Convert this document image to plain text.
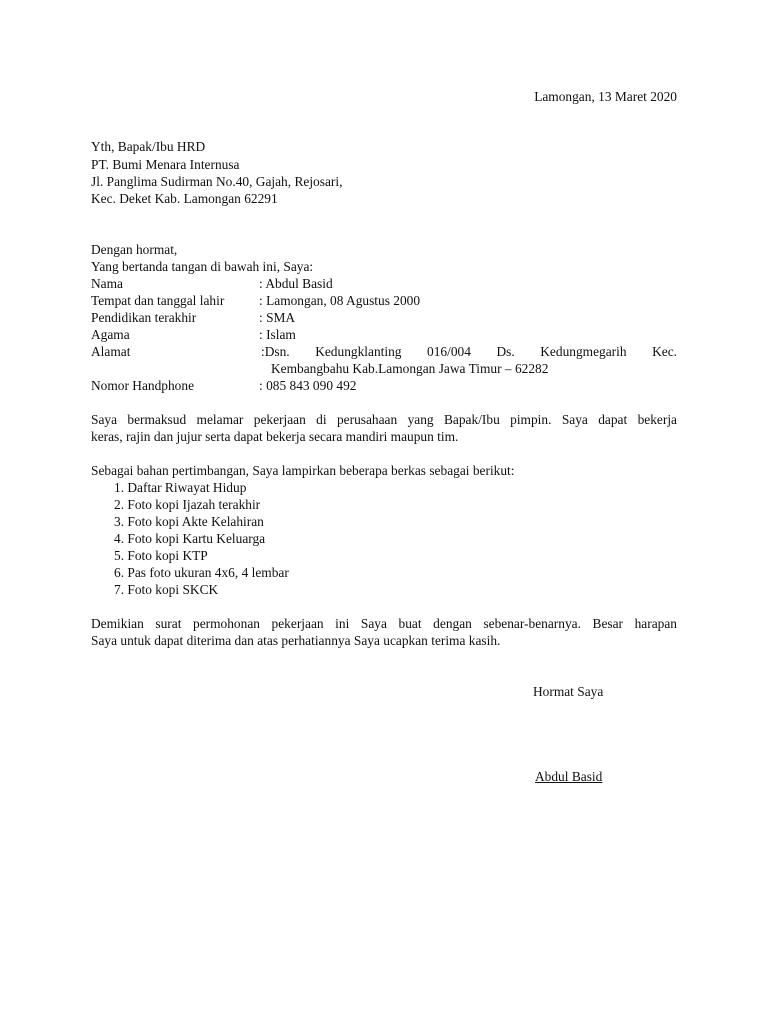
Lamongan, 13 Maret 2020
Yth, Bapak/Ibu HRD
PT. Bumi Menara Internusa
Jl. Panglima Sudirman No.40, Gajah, Rejosari,
Kec. Deket Kab. Lamongan 62291
Dengan hormat,
Yang bertanda tangan di bawah ini, Saya:
Nama	: Abdul Basid
Tempat dan tanggal lahir	: Lamongan, 08 Agustus 2000
Pendidikan terakhir	: SMA
Agama	: Islam
Alamat	:Dsn. Kedungklanting 016/004 Ds. Kedungmegarih Kec.
Kembangbahu Kab.Lamongan Jawa Timur – 62282
Nomor Handphone	: 085 843 090 492
Saya bermaksud melamar pekerjaan di perusahaan yang Bapak/Ibu pimpin. Saya dapat bekerja
keras, rajin dan jujur serta dapat bekerja secara mandiri maupun tim.
Sebagai bahan pertimbangan, Saya lampirkan beberapa berkas sebagai berikut:
1. Daftar Riwayat Hidup
2. Foto kopi Ijazah terakhir
3. Foto kopi Akte Kelahiran
4. Foto kopi Kartu Keluarga
5. Foto kopi KTP
6. Pas foto ukuran 4x6, 4 lembar
7. Foto kopi SKCK
Demikian surat permohonan pekerjaan ini Saya buat dengan sebenar-benarnya. Besar harapan
Saya untuk dapat diterima dan atas perhatiannya Saya ucapkan terima kasih.
Hormat Saya
Abdul Basid
